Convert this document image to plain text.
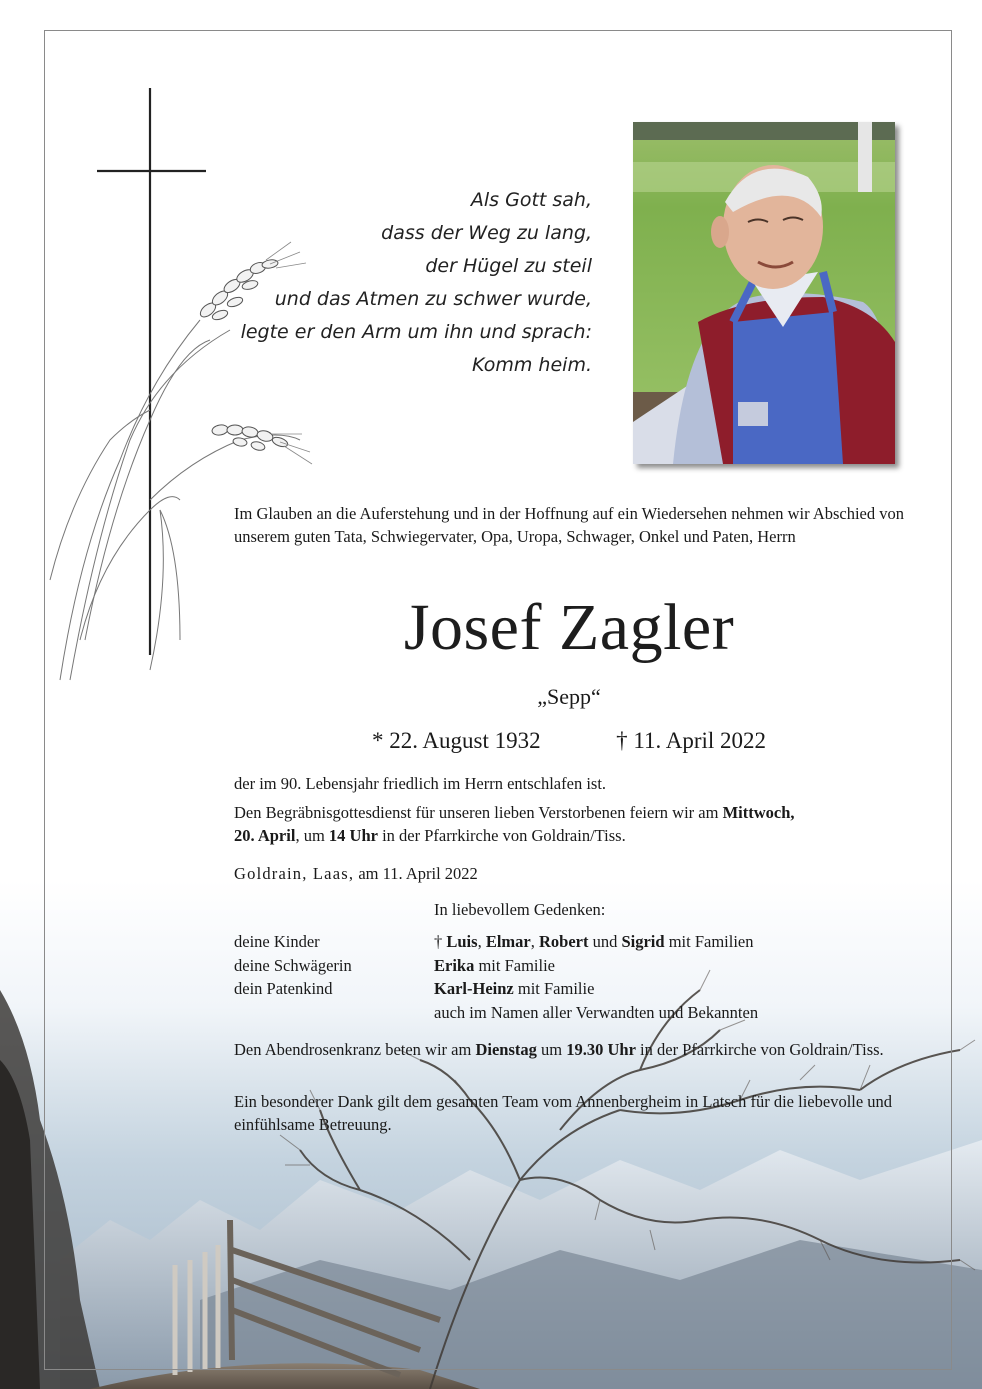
Als Gott sah,
dass der Weg zu lang,
der Hügel zu steil
und das Atmen zu schwer wurde,
legte er den Arm um ihn und sprach:
Komm heim.
Im Glauben an die Auferstehung und in der Hoffnung auf ein Wiedersehen nehmen wir Abschied von unserem guten Tata, Schwiegervater, Opa, Uropa, Schwager, Onkel und Paten, Herrn
Josef Zagler
„Sepp“
* 22. August 1932	† 11. April 2022
der im 90. Lebensjahr friedlich im Herrn entschlafen ist.
Den Begräbnisgottesdienst für unseren lieben Verstorbenen feiern wir am Mittwoch,
20. April, um 14 Uhr in der Pfarrkirche von Goldrain/Tiss.
Goldrain, Laas, am 11. April 2022
In liebevollem Gedenken:
deine Kinder	† Luis, Elmar, Robert und Sigrid mit Familien
deine Schwägerin	Erika mit Familie
dein Patenkind	Karl-Heinz mit Familie
auch im Namen aller Verwandten und Bekannten
Den Abendrosenkranz beten wir am Dienstag um 19.30 Uhr in der Pfarrkirche von Goldrain/Tiss.
Ein besonderer Dank gilt dem gesamten Team vom Annenbergheim in Latsch für die liebevolle und einfühlsame Betreuung.
